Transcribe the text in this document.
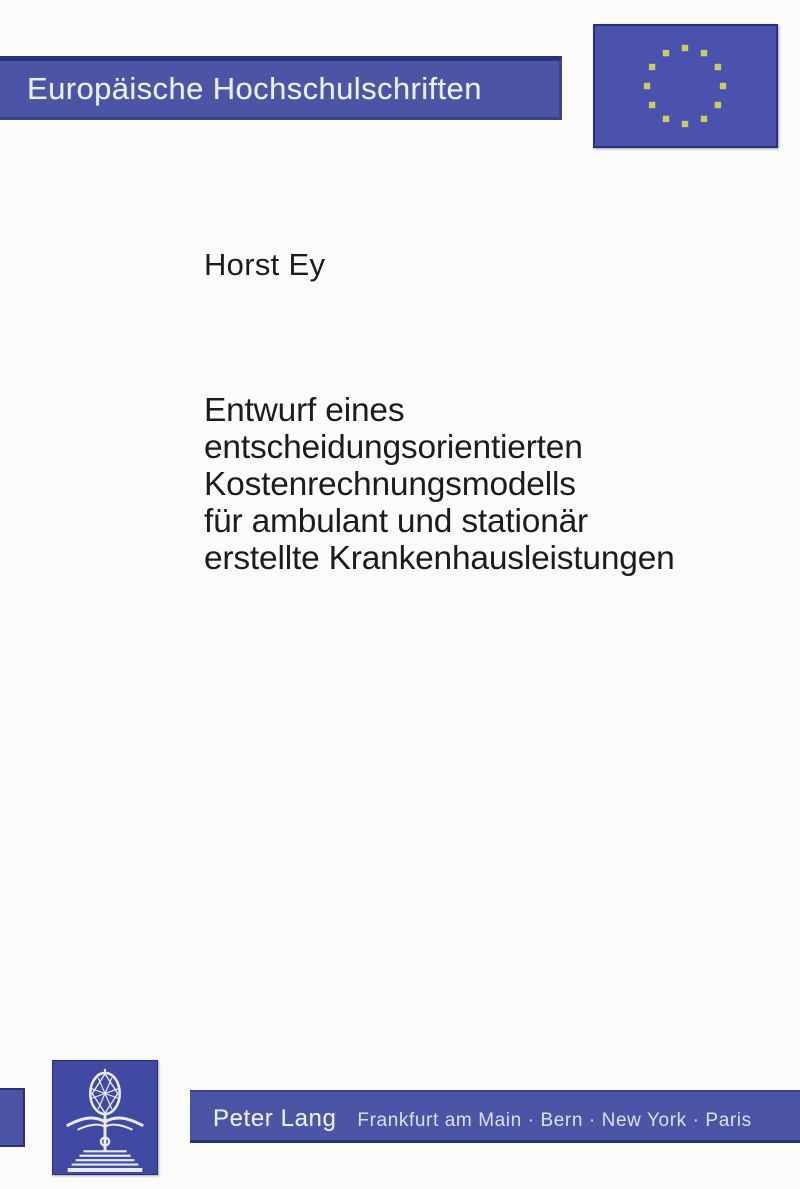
Europäische Hochschulschriften
Horst Ey
Entwurf eines
entscheidungsorientierten
Kostenrechnungsmodells
für ambulant und stationär
erstellte Krankenhausleistungen
Peter Lang Frankfurt am Main · Bern · New York · Paris
